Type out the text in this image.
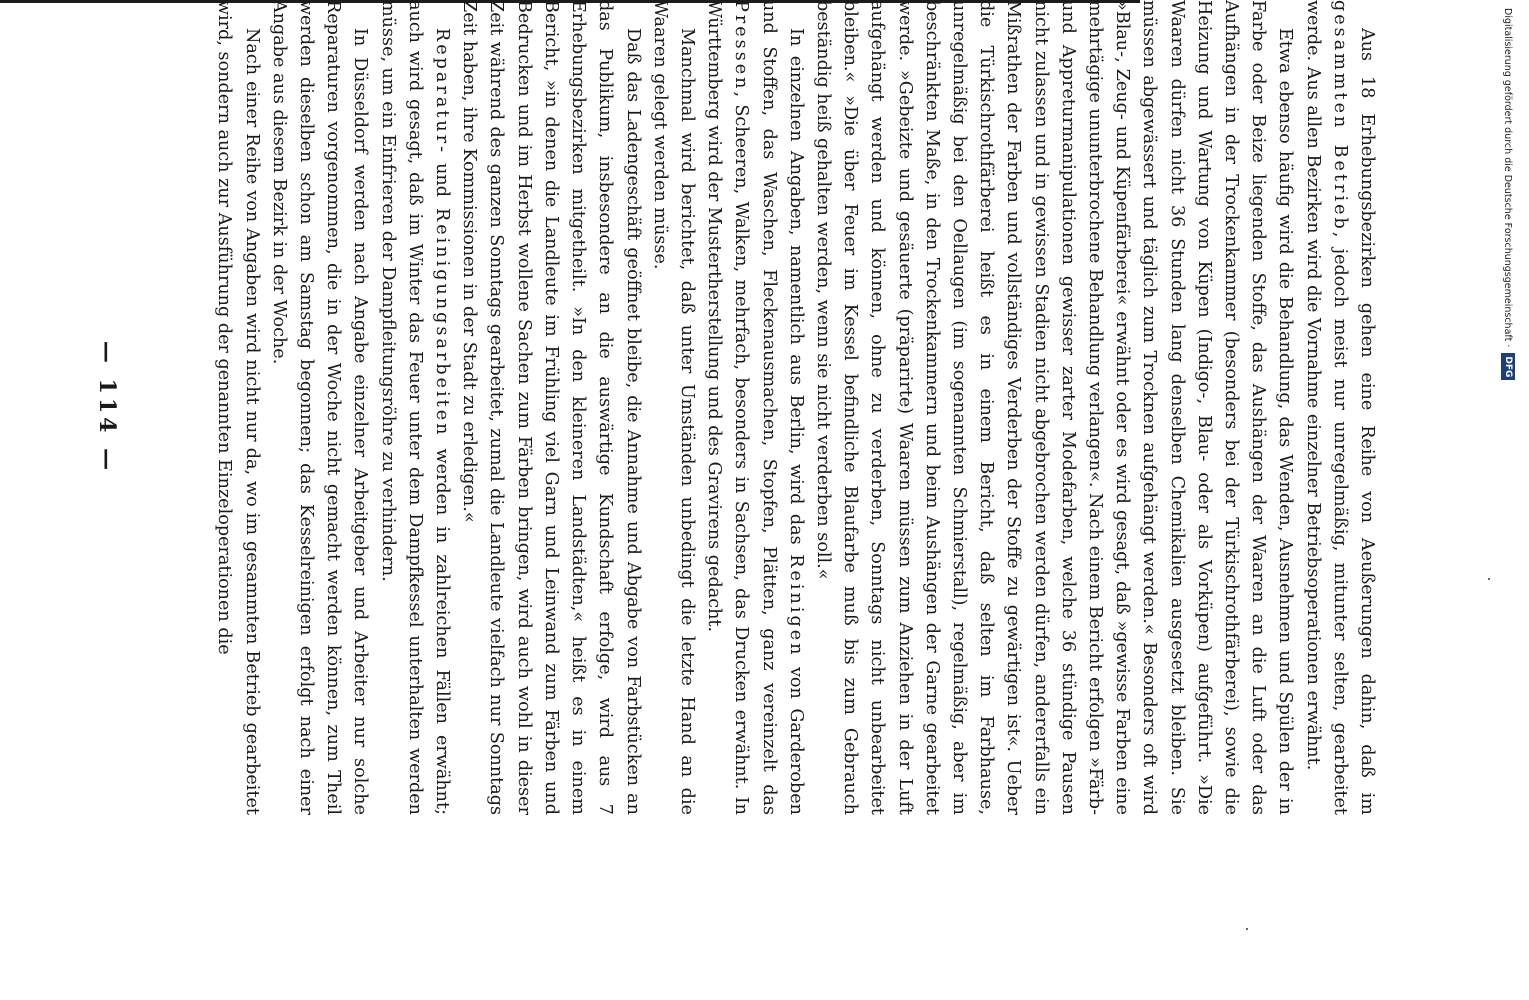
— 114 —	Aus 18 Erhebungsbezirken gehen eine Reihe von Aeußerungen dahin, daß im gesammten Betrieb, jedoch meist nur unregelmäßig, mitunter selten, gearbeitet werde. Aus allen Bezirken wird die Vornahme einzelner Betriebsoperationen erwähnt.

Etwa ebenso häufig wird die Behandlung, das Wenden, Ausnehmen und Spülen der in Farbe oder Beize liegenden Stoffe, das Aushängen der Waaren an die Luft oder das Aufhängen in der Trockenkammer (besonders bei der Türkischrothfärberei), sowie die Heizung und Wartung von Küpen (Indigo-, Blau- oder als Vorküpen) aufgeführt. »Die Waaren dürfen nicht 36 Stunden lang denselben Chemikalien ausgesetzt bleiben. Sie müssen abgewässert und täglich zum Trocknen aufgehängt werden.« Besonders oft wird »Blau-, Zeug- und Küpenfärberei« erwähnt oder es wird gesagt, daß »gewisse Farben eine mehrtägige ununterbrochene Behandlung verlangen«. Nach einem Bericht erfolgen »Färb- und Appreturmanipulationen gewisser zarter Modefarben, welche 36 stündige Pausen nicht zulassen und in gewissen Stadien nicht abgebrochen werden dürfen, andererfalls ein Mißrathen der Farben und vollständiges Verderben der Stoffe zu gewärtigen ist«. Ueber die Türkischrothfärberei heißt es in einem Bericht, daß selten im Farbhause, unregelmäßig bei den Oellaugen (im sogenannten Schmierstall), regelmäßig, aber im beschränkten Maße, in den Trockenkammern und beim Aushängen der Garne gearbeitet werde. »Gebeizte und gesäuerte (präparirte) Waaren müssen zum Anziehen in der Luft aufgehängt werden und können, ohne zu verderben, Sonntags nicht unbearbeitet bleiben.« »Die über Feuer im Kessel befindliche Blaufarbe muß bis zum Gebrauch beständig heiß gehalten werden, wenn sie nicht verderben soll.«

In einzelnen Angaben, namentlich aus Berlin, wird das Reinigen von Garderoben und Stoffen, das Waschen, Fleckenausmachen, Stopfen, Plätten, ganz vereinzelt das Pressen, Scheeren, Walken, mehrfach, besonders in Sachsen, das Drucken erwähnt. In Württemberg wird der Mustertherstellung und des Gravirens gedacht.

Manchmal wird berichtet, daß unter Umständen unbedingt die letzte Hand an die Waaren gelegt werden müsse.

Daß das Ladengeschäft geöffnet bleibe, die Annahme und Abgabe von Farbstücken an das Publikum, insbesondere an die auswärtige Kundschaft erfolge, wird aus 7 Erhebungsbezirken mitgetheilt. »In den kleineren Landstädten,« heißt es in einem Bericht, »in denen die Landleute im Frühling viel Garn und Leinwand zum Färben und Bedrucken und im Herbst wollene Sachen zum Färben bringen, wird auch wohl in dieser Zeit während des ganzen Sonntags gearbeitet, zumal die Landleute vielfach nur Sonntags Zeit haben, ihre Kommissionen in der Stadt zu erledigen.«

Reparatur- und Reinigungsarbeiten werden in zahlreichen Fällen erwähnt; auch wird gesagt, daß im Winter das Feuer unter dem Dampfkessel unterhalten werden müsse, um ein Einfrieren der Dampfleitungsröhre zu verhindern.

In Düsseldorf werden nach Angabe einzelner Arbeitgeber und Arbeiter nur solche Reparaturen vorgenommen, die in der Woche nicht gemacht werden können, zum Theil werden dieselben schon am Samstag begonnen; das Kesselreinigen erfolgt nach einer Angabe aus diesem Bezirk in der Woche.

Nach einer Reihe von Angaben wird nicht nur da, wo im gesammten Betrieb gearbeitet wird, sondern auch zur Ausführung der genannten Einzeloperationen die	Digitalisierung gefördert durch die Deutsche Forschungsgemeinschaft ·
DFG
